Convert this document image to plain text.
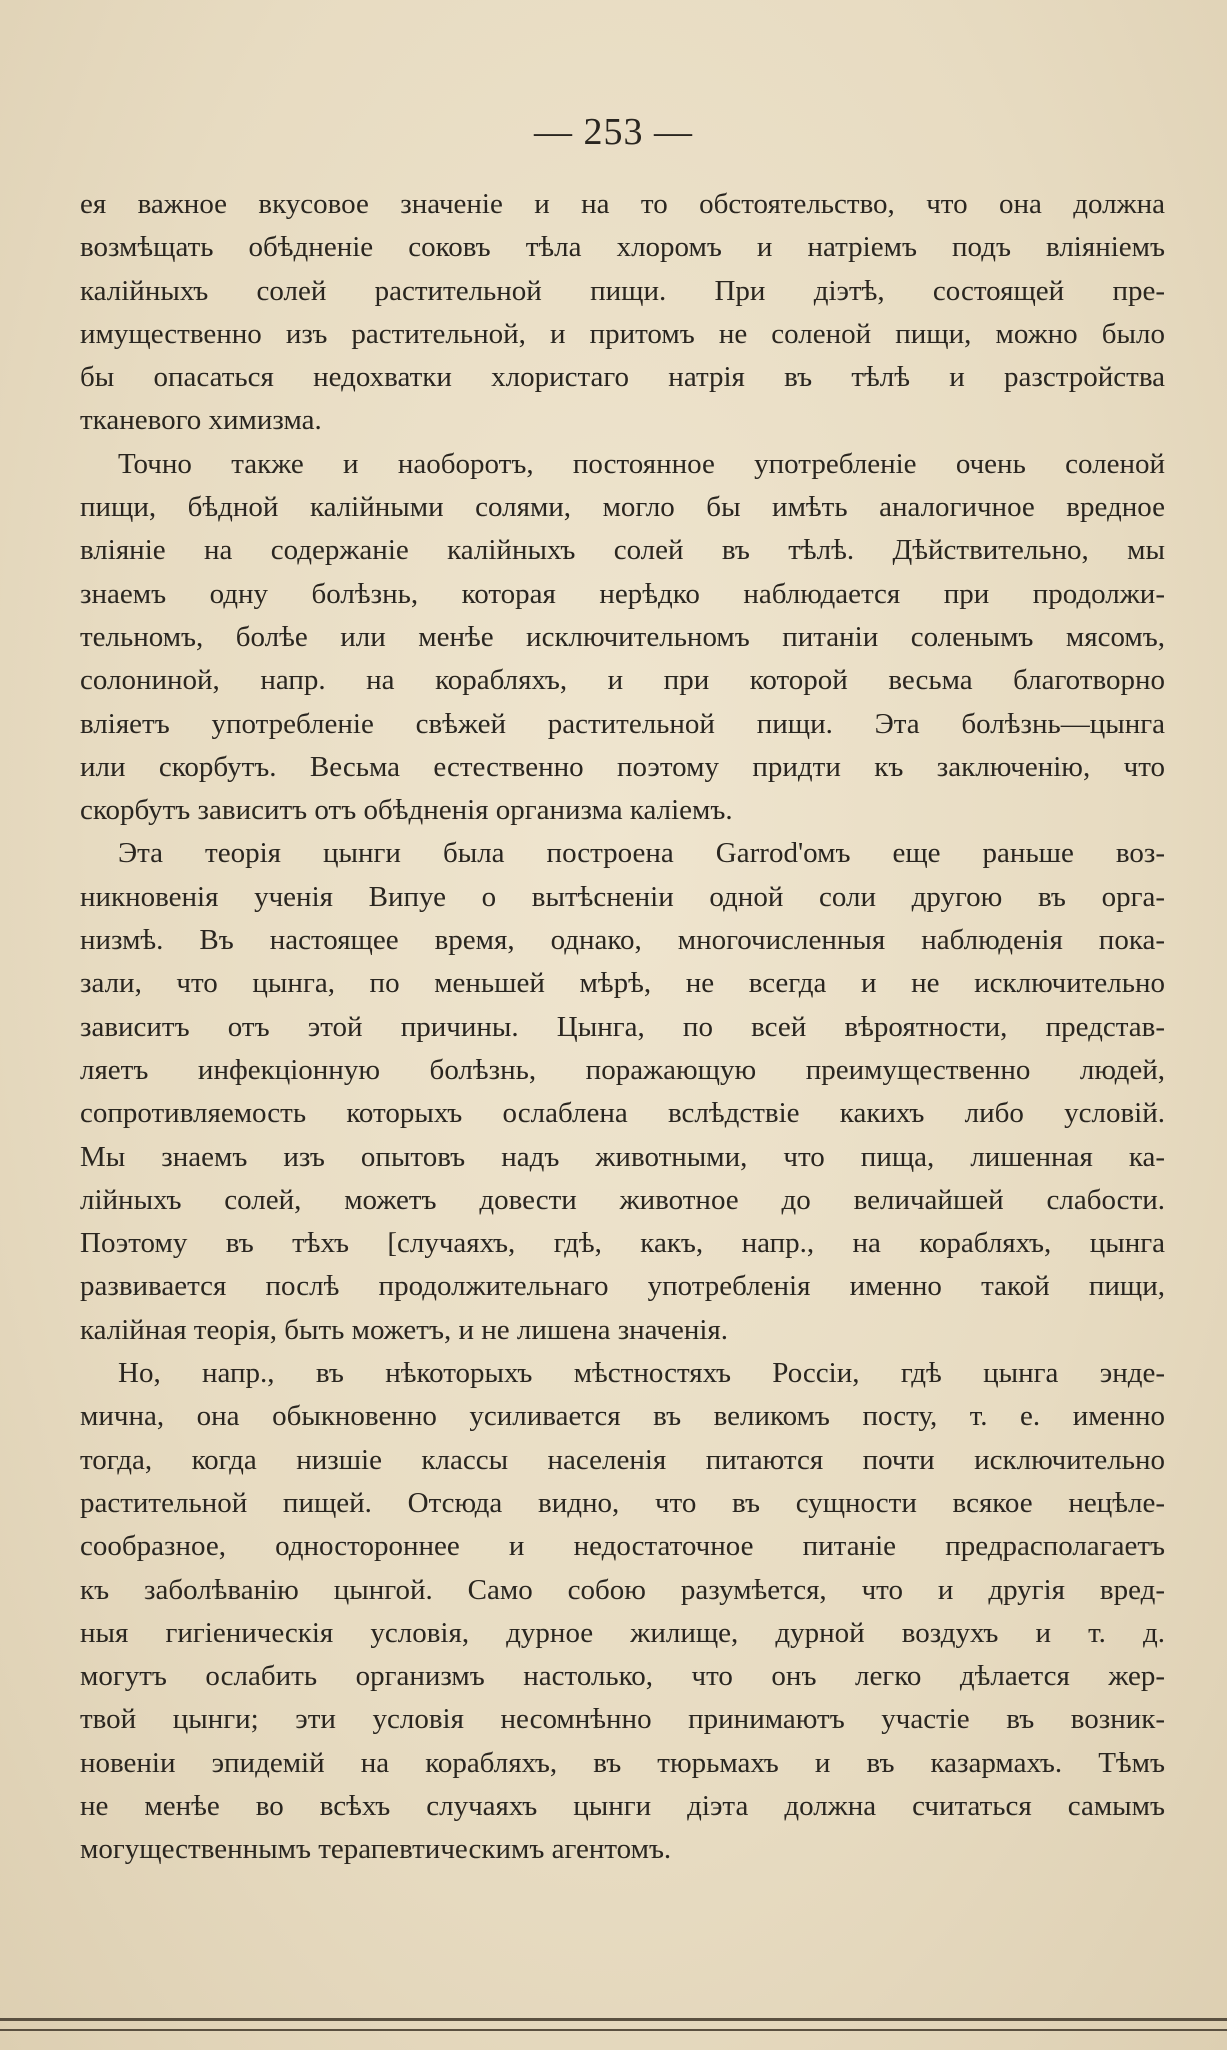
— 253 —
ея важное вкусовое значеніе и на то обстоятельство, что она должна
возмѣщать обѣдненіе соковъ тѣла хлоромъ и натріемъ подъ вліяніемъ
калійныхъ солей растительной пищи. При діэтѣ, состоящей пре-
имущественно изъ растительной, и притомъ не соленой пищи, можно было
бы опасаться недохватки хлористаго натрія въ тѣлѣ и разстройства
тканевого химизма.
Точно также и наоборотъ, постоянное употребленіе очень соленой
пищи, бѣдной калійными солями, могло бы имѣть аналогичное вредное
вліяніе на содержаніе калійныхъ солей въ тѣлѣ. Дѣйствительно, мы
знаемъ одну болѣзнь, которая нерѣдко наблюдается при продолжи-
тельномъ, болѣе или менѣе исключительномъ питаніи соленымъ мясомъ,
солониной, напр. на корабляхъ, и при которой весьма благотворно
вліяетъ употребленіе свѣжей растительной пищи. Эта болѣзнь—цынга
или скорбутъ. Весьма естественно поэтому придти къ заключенію, что
скорбутъ зависитъ отъ обѣдненія организма каліемъ.
Эта теорія цынги была построена Garrod'омъ еще раньше воз-
никновенія ученія Випуе о вытѣсненіи одной соли другою въ орга-
низмѣ. Въ настоящее время, однако, многочисленныя наблюденія пока-
зали, что цынга, по меньшей мѣрѣ, не всегда и не исключительно
зависитъ отъ этой причины. Цынга, по всей вѣроятности, представ-
ляетъ инфекціонную болѣзнь, поражающую преимущественно людей,
сопротивляемость которыхъ ослаблена вслѣдствіе какихъ либо условій.
Мы знаемъ изъ опытовъ надъ животными, что пища, лишенная ка-
лійныхъ солей, можетъ довести животное до величайшей слабости.
Поэтому въ тѣхъ [случаяхъ, гдѣ, какъ, напр., на корабляхъ, цынга
развивается послѣ продолжительнаго употребленія именно такой пищи,
калійная теорія, быть можетъ, и не лишена значенія.
Но, напр., въ нѣкоторыхъ мѣстностяхъ Россіи, гдѣ цынга энде-
мична, она обыкновенно усиливается въ великомъ посту, т. е. именно
тогда, когда низшіе классы населенія питаются почти исключительно
растительной пищей. Отсюда видно, что въ сущности всякое нецѣле-
сообразное, одностороннее и недостаточное питаніе предрасполагаетъ
къ заболѣванію цынгой. Само собою разумѣется, что и другія вред-
ныя гигіеническія условія, дурное жилище, дурной воздухъ и т. д.
могутъ ослабить организмъ настолько, что онъ легко дѣлается жер-
твой цынги; эти условія несомнѣнно принимаютъ участіе въ возник-
новеніи эпидемій на корабляхъ, въ тюрьмахъ и въ казармахъ. Тѣмъ
не менѣе во всѣхъ случаяхъ цынги діэта должна считаться самымъ
могущественнымъ терапевтическимъ агентомъ.
